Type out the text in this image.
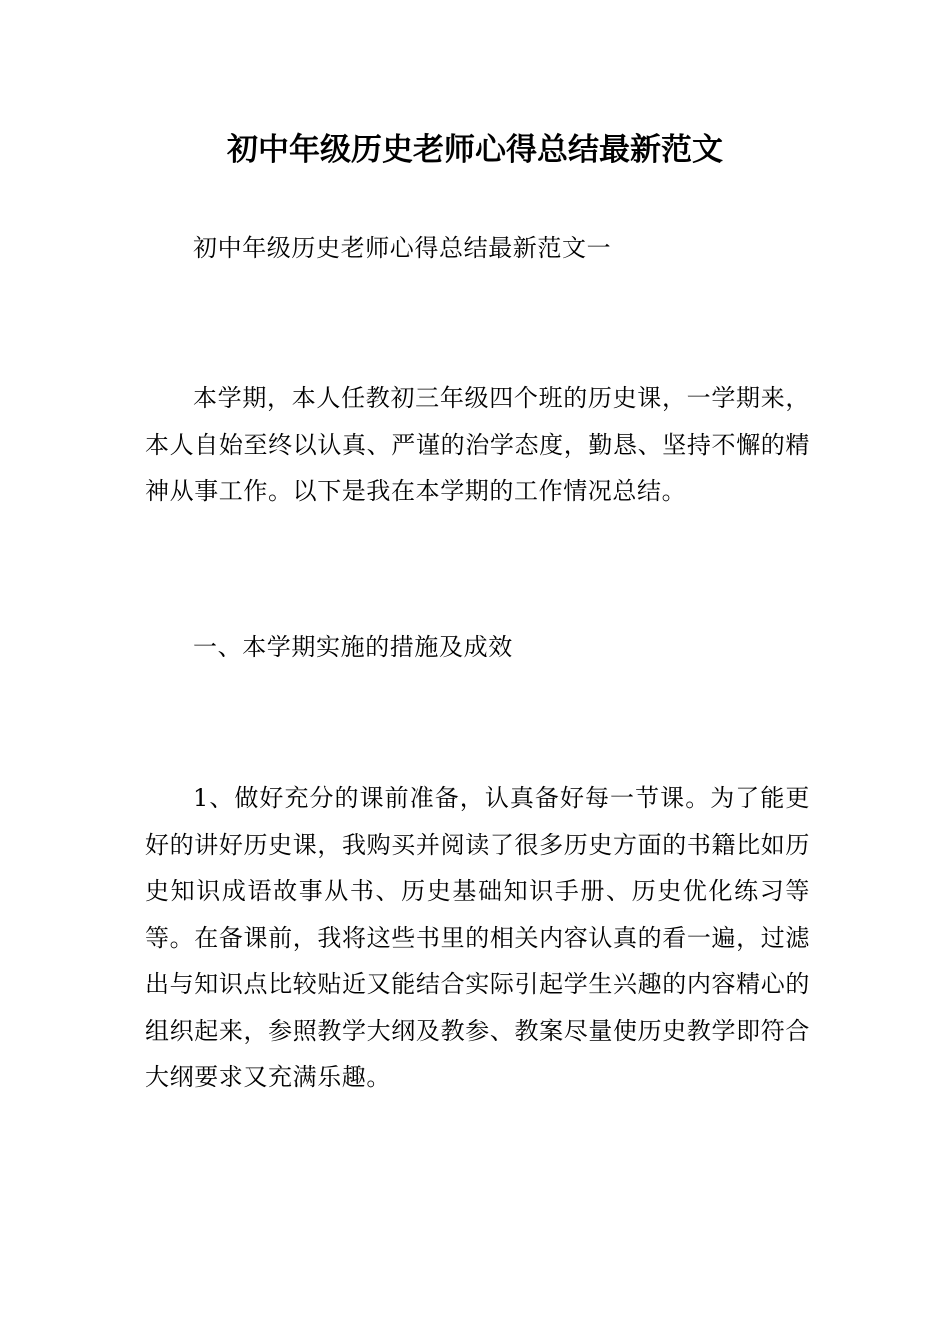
初中年级历史老师心得总结最新范文

初中年级历史老师心得总结最新范文一

本学期，本人任教初三年级四个班的历史课，一学期来，本人自始至终以认真、严谨的治学态度，勤恳、坚持不懈的精神从事工作。以下是我在本学期的工作情况总结。

一、本学期实施的措施及成效

1、做好充分的课前准备，认真备好每一节课。为了能更好的讲好历史课，我购买并阅读了很多历史方面的书籍比如历史知识成语故事从书、历史基础知识手册、历史优化练习等等。在备课前，我将这些书里的相关内容认真的看一遍，过滤出与知识点比较贴近又能结合实际引起学生兴趣的内容精心的组织起来，参照教学大纲及教参、教案尽量使历史教学即符合大纲要求又充满乐趣。
